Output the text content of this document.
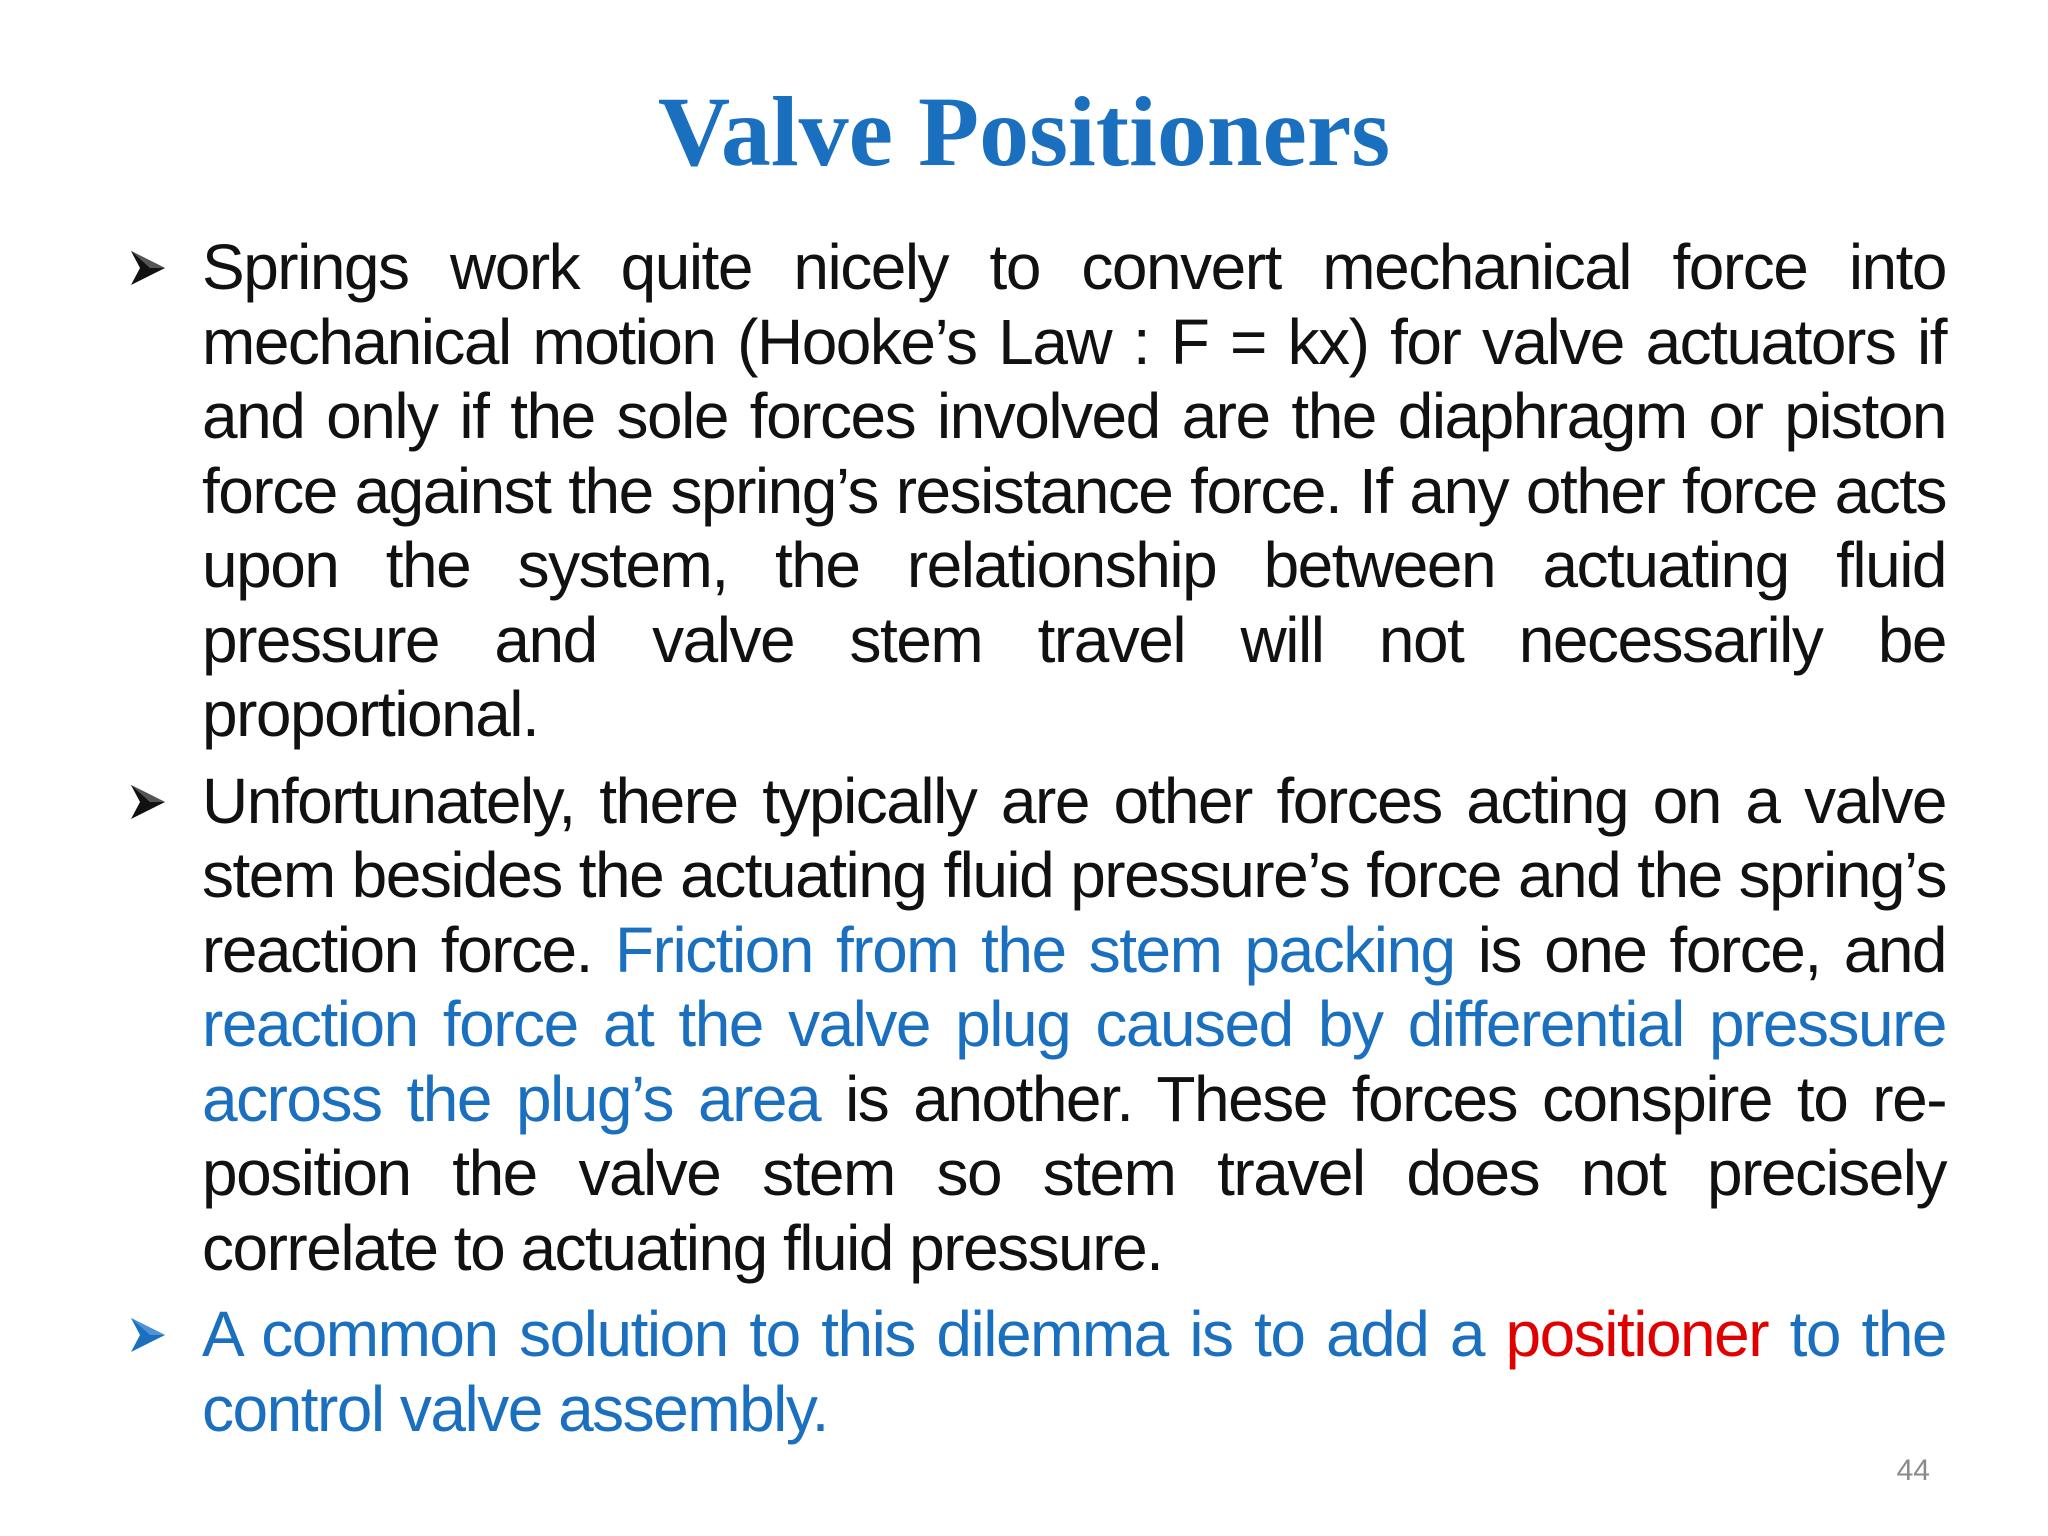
Valve Positioners
Springs work quite nicely to convert mechanical force into mechanical motion (Hooke’s Law : F = kx) for valve actuators if and only if the sole forces involved are the diaphragm or piston force against the spring’s resistance force. If any other force acts upon the system, the relationship between actuating fluid pressure and valve stem travel will not necessarily be proportional.
Unfortunately, there typically are other forces acting on a valve stem besides the actuating fluid pressure’s force and the spring’s reaction force. Friction from the stem packing is one force, and reaction force at the valve plug caused by differential pressure across the plug’s area is another. These forces conspire to re-position the valve stem so stem travel does not precisely correlate to actuating fluid pressure.
A common solution to this dilemma is to add a positioner to the control valve assembly.
44
